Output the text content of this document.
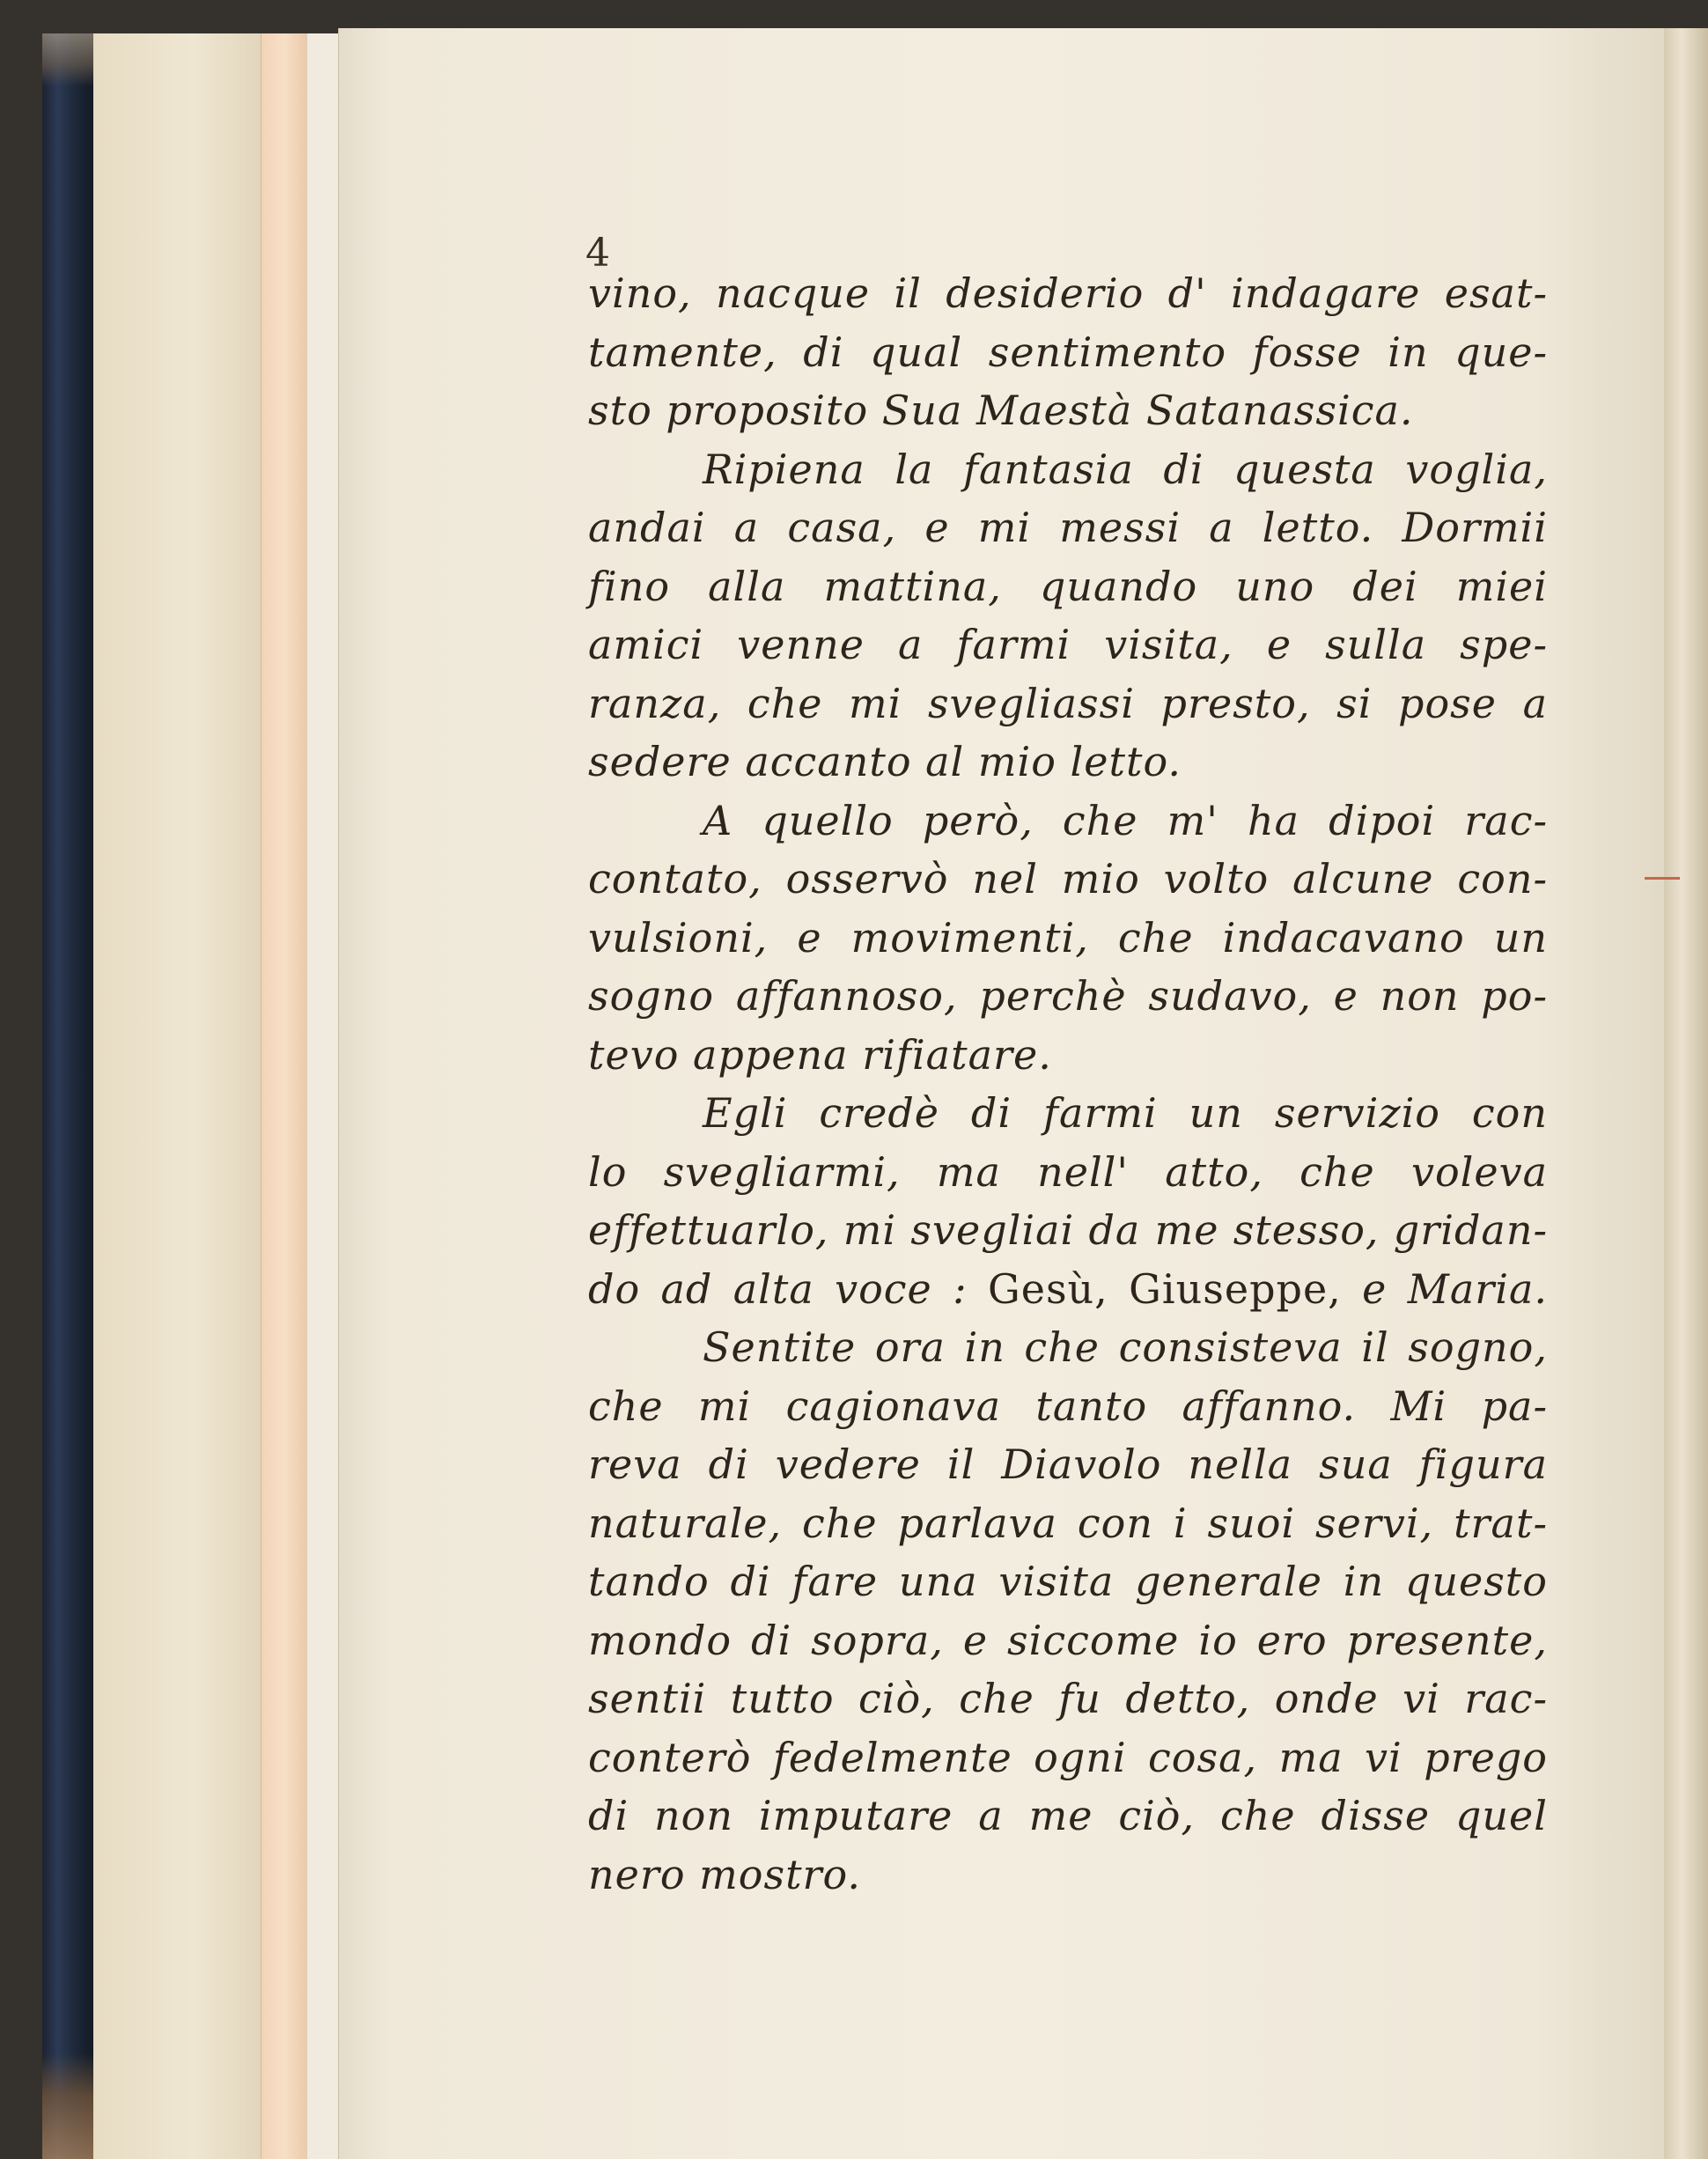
4
vino, nacque il desiderio d' indagare esat-
tamente, di qual sentimento fosse in que-
sto proposito Sua Maestà Satanassica.
Ripiena la fantasia di questa voglia,
andai a casa, e mi messi a letto. Dormii
fino alla mattina, quando uno dei miei
amici venne a farmi visita, e sulla spe-
ranza, che mi svegliassi presto, si pose a
sedere accanto al mio letto.
A quello però, che m' ha dipoi rac-
contato, osservò nel mio volto alcune con-
vulsioni, e movimenti, che indacavano un
sogno affannoso, perchè sudavo, e non po-
tevo appena rifiatare.
Egli credè di farmi un servizio con
lo svegliarmi, ma nell' atto, che voleva
effettuarlo, mi svegliai da me stesso, gridan-
do ad alta voce : Gesù, Giuseppe, e Maria.
Sentite ora in che consisteva il sogno,
che mi cagionava tanto affanno. Mi pa-
reva di vedere il Diavolo nella sua figura
naturale, che parlava con i suoi servi, trat-
tando di fare una visita generale in questo
mondo di sopra, e siccome io ero presente,
sentii tutto ciò, che fu detto, onde vi rac-
conterò fedelmente ogni cosa, ma vi prego
di non imputare a me ciò, che disse quel
nero mostro.
